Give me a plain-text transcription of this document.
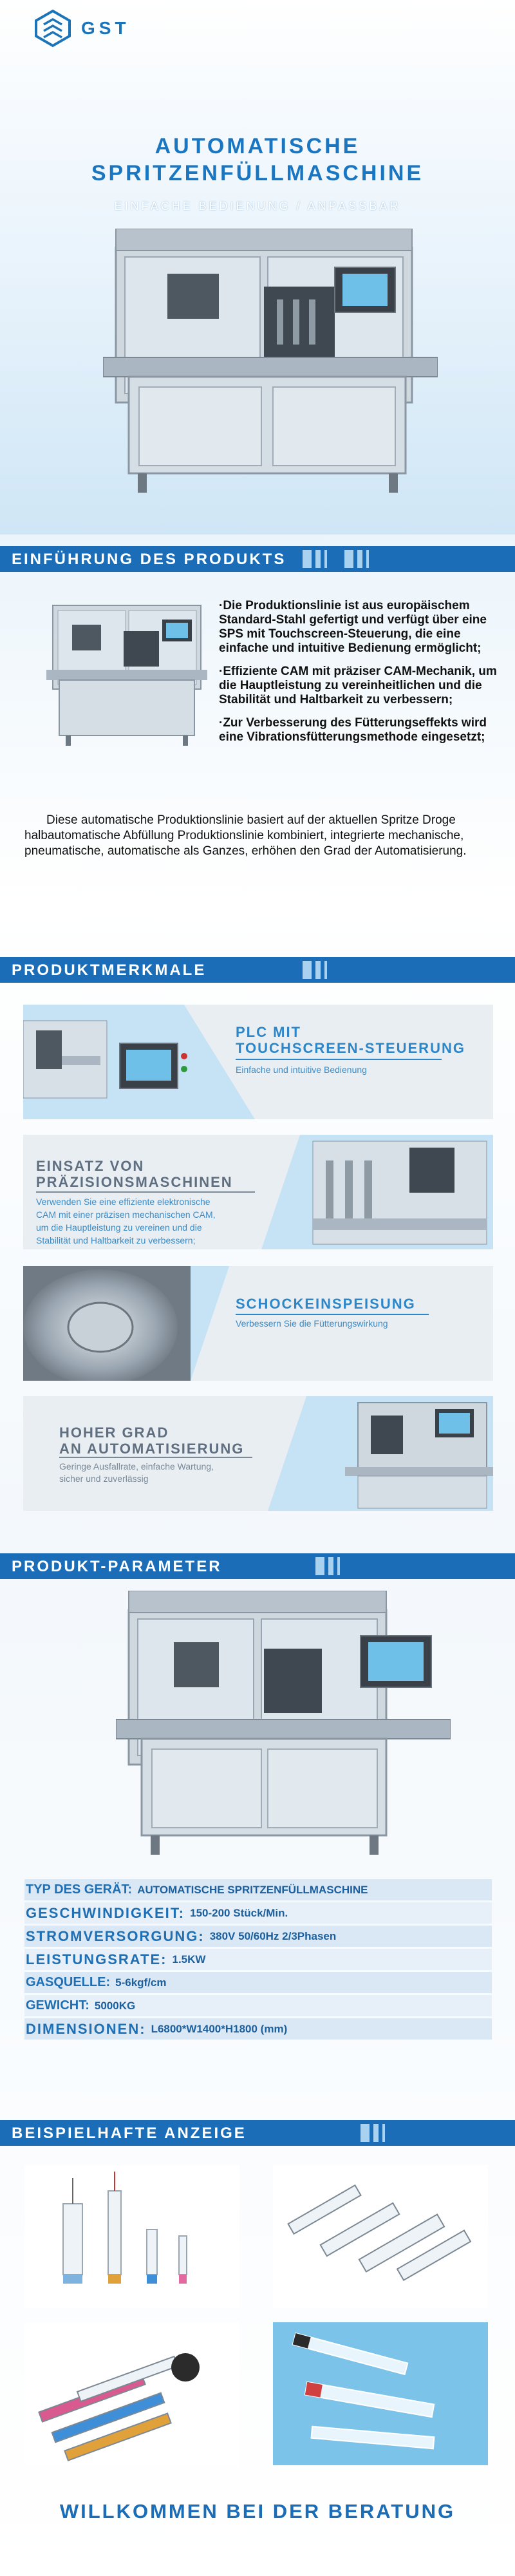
GST
AUTOMATISCHE
SPRITZENFÜLLMASCHINE
EINFACHE BEDIENUNG / ANPASSBAR
EINFÜHRUNG DES PRODUKTS

·Die Produktionslinie ist aus europäischem Standard-Stahl gefertigt und verfügt über eine SPS mit Touchscreen-Steuerung, die eine einfache und intuitive Bedienung ermöglicht;

·Effiziente CAM mit präziser CAM-Mechanik, um die Hauptleistung zu vereinheitlichen und die Stabilität und Haltbarkeit zu verbessern;

·Zur Verbesserung des Fütterungseffekts wird eine Vibrationsfütterungsmethode eingesetzt;

Diese automatische Produktionslinie basiert auf der aktuellen Spritze Droge halbautomatische Abfüllung Produktionslinie kombiniert, integrierte mechanische, pneumatische, automatische als Ganzes, erhöhen den Grad der Automatisierung.
PRODUKTMERKMALE
PLC MIT
TOUCHSCREEN-STEUERUNG
Einfache und intuitive Bedienung
EINSATZ VON
PRÄZISIONSMASCHINEN
Verwenden Sie eine effiziente elektronische
CAM mit einer präzisen mechanischen CAM,
um die Hauptleistung zu vereinen und die
Stabilität und Haltbarkeit zu verbessern;
SCHOCKEINSPEISUNG
Verbessern Sie die Fütterungswirkung
HOHER GRAD
AN AUTOMATISIERUNG
Geringe Ausfallrate, einfache Wartung,
sicher und zuverlässig
PRODUKT-PARAMETER
TYP DES GERÄT: AUTOMATISCHE SPRITZENFÜLLMASCHINE
GESCHWINDIGKEIT: 150-200 Stück/Min.
STROMVERSORGUNG: 380V 50/60Hz 2/3Phasen
LEISTUNGSRATE: 1.5KW
GASQUELLE: 5-6kgf/cm
GEWICHT: 5000KG
DIMENSIONEN: L6800*W1400*H1800 (mm)
BEISPIELHAFTE ANZEIGE
WILLKOMMEN BEI DER BERATUNG
